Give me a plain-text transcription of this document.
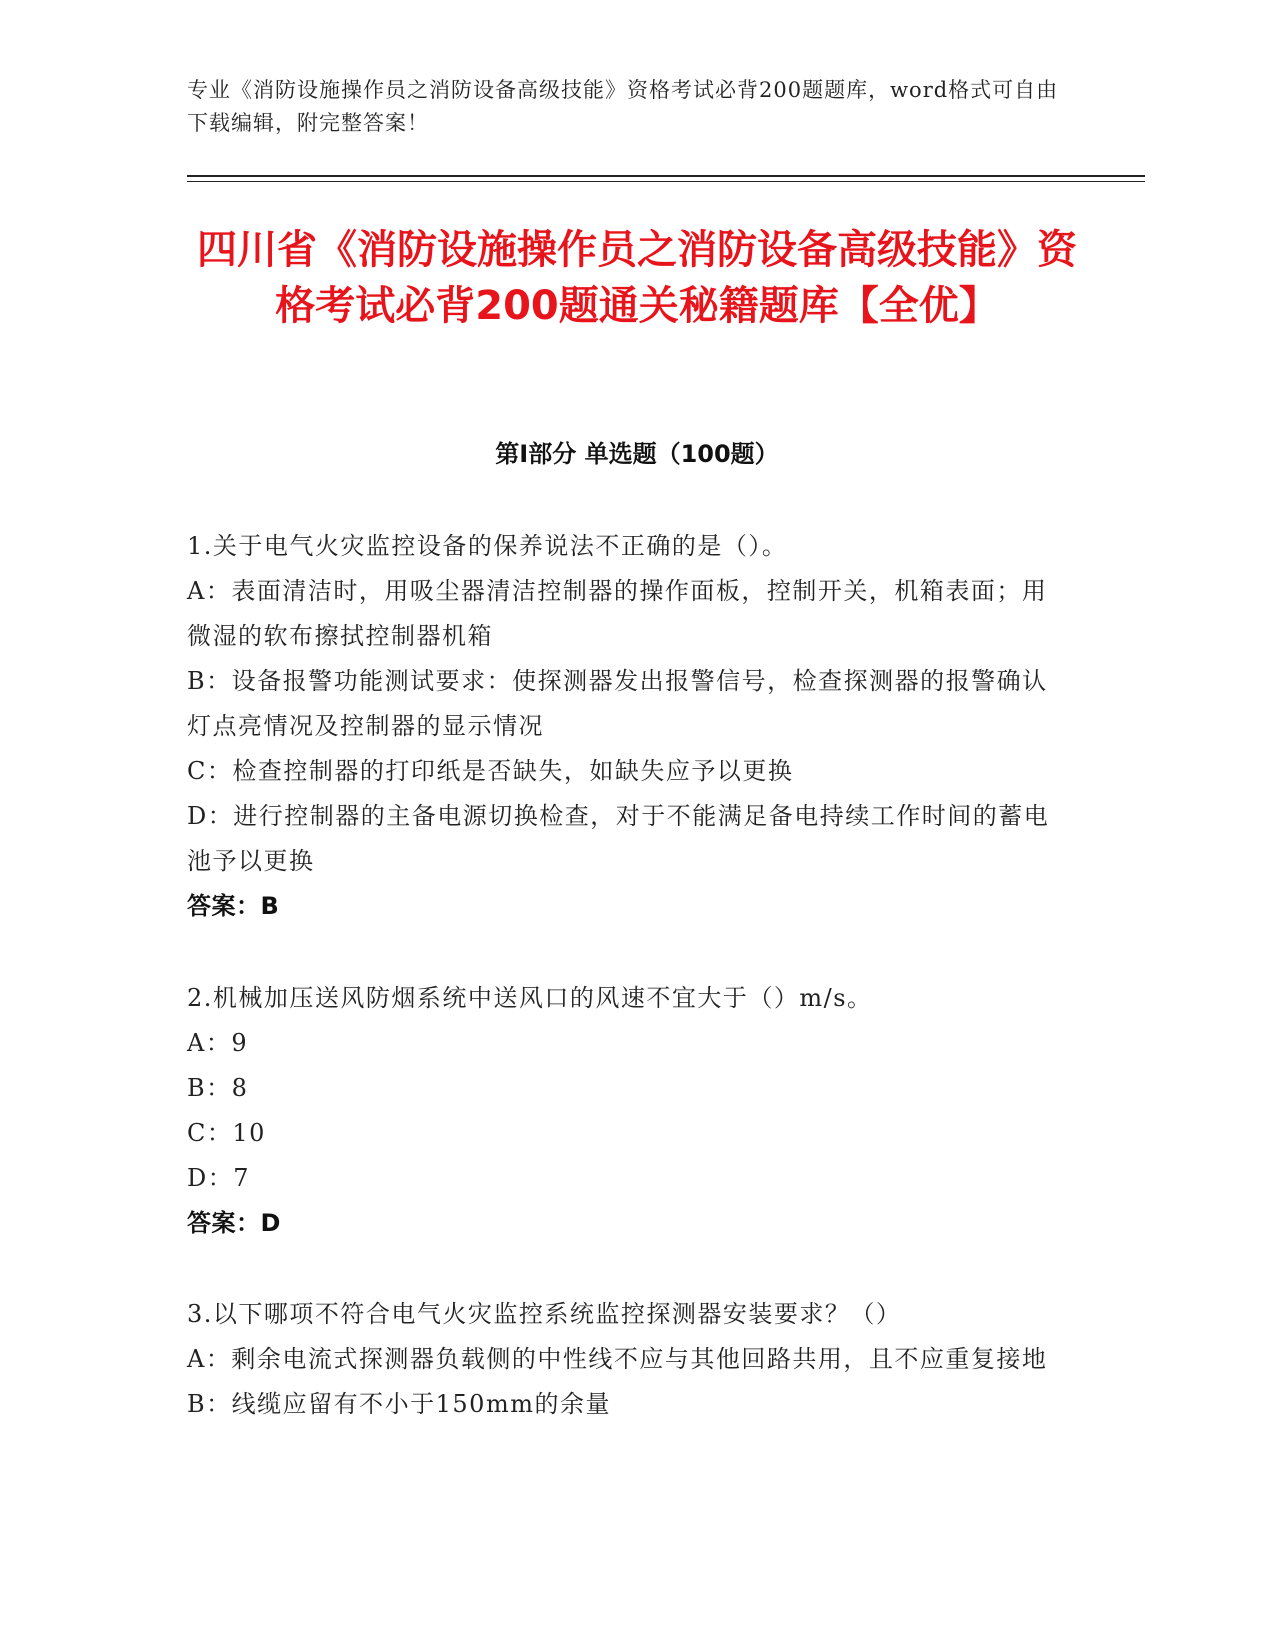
专业《消防设施操作员之消防设备高级技能》资格考试必背200题题库，word格式可自由下载编辑，附完整答案！
四川省《消防设施操作员之消防设备高级技能》资格考试必背200题通关秘籍题库【全优】
第I部分 单选题（100题）

1.关于电气火灾监控设备的保养说法不正确的是（）。

A：表面清洁时，用吸尘器清洁控制器的操作面板，控制开关，机箱表面；用微湿的软布擦拭控制器机箱

B：设备报警功能测试要求：使探测器发出报警信号，检查探测器的报警确认灯点亮情况及控制器的显示情况

C：检查控制器的打印纸是否缺失，如缺失应予以更换

D：进行控制器的主备电源切换检查，对于不能满足备电持续工作时间的蓄电池予以更换

答案：B

2.机械加压送风防烟系统中送风口的风速不宜大于（）m/s。

A：9

B：8

C：10

D：7

答案：D

3.以下哪项不符合电气火灾监控系统监控探测器安装要求？（）

A：剩余电流式探测器负载侧的中性线不应与其他回路共用，且不应重复接地

B：线缆应留有不小于150mm的余量
